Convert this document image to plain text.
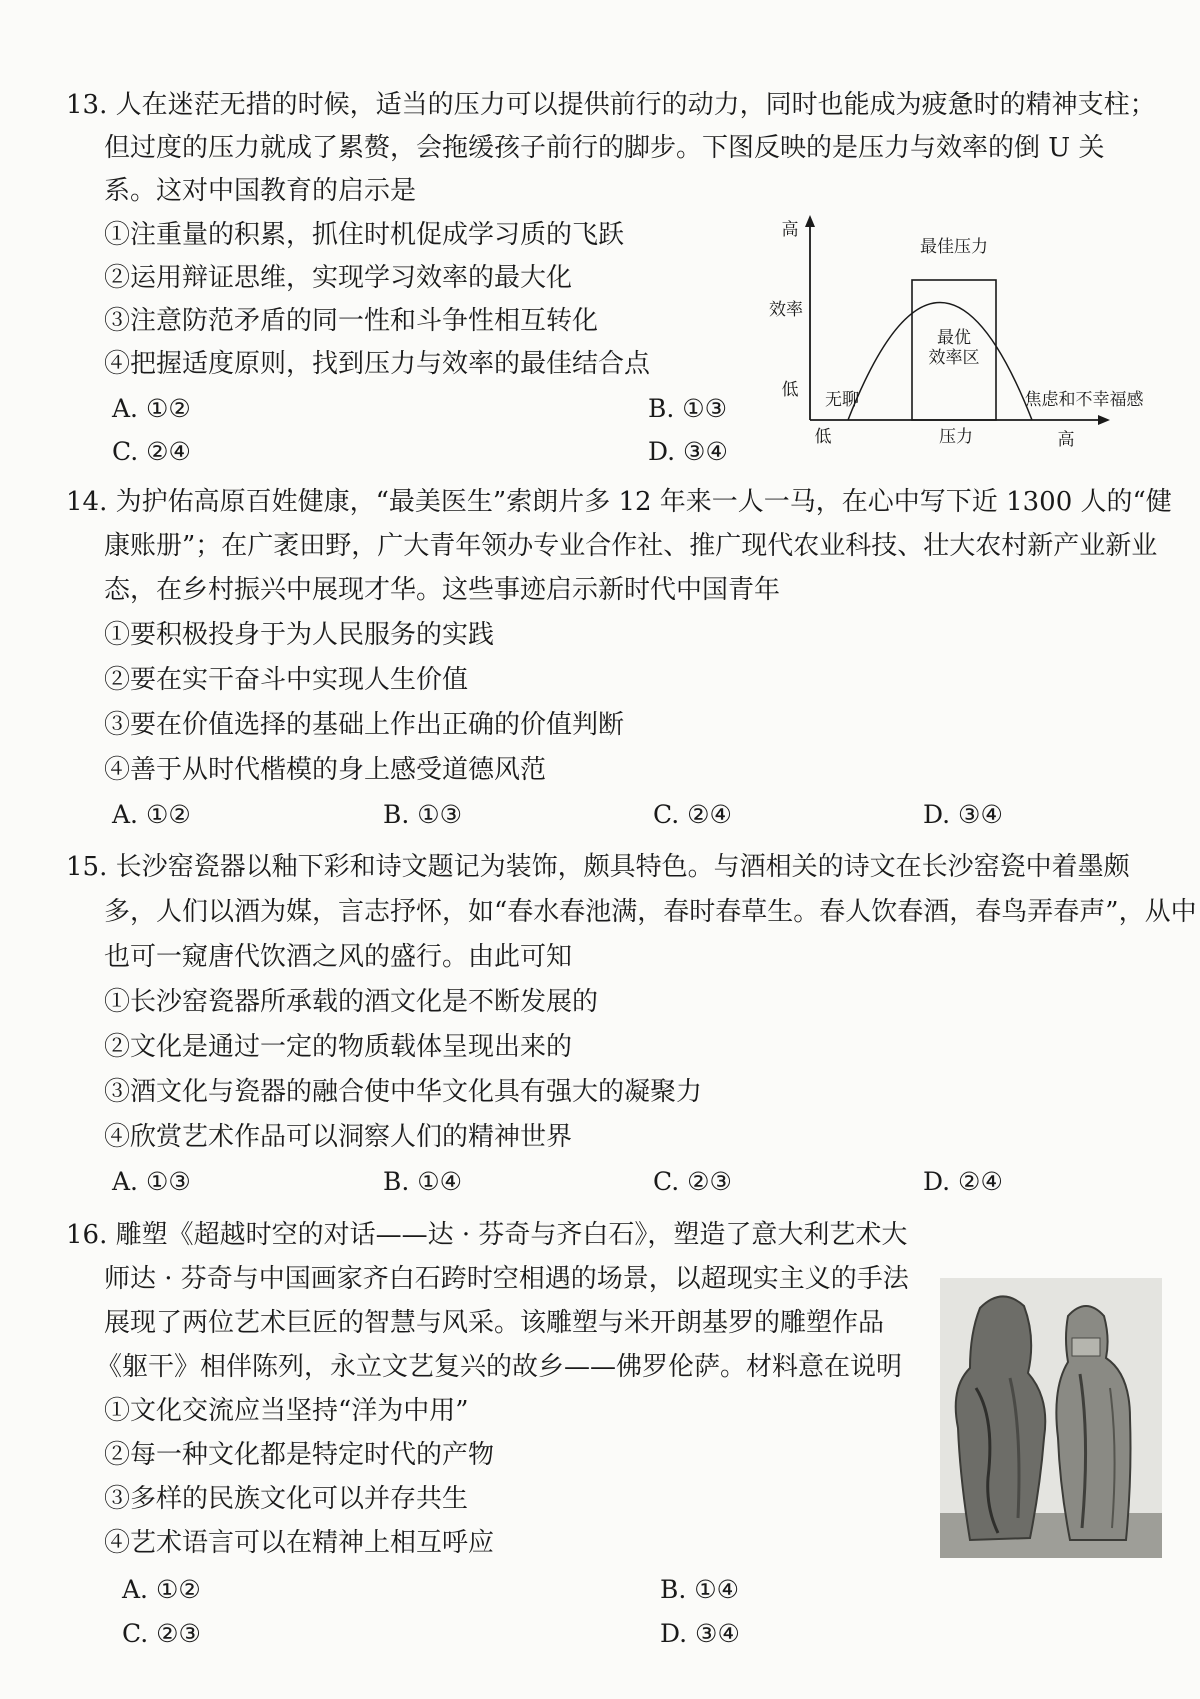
13. 人在迷茫无措的时候，适当的压力可以提供前行的动力，同时也能成为疲惫时的精神支柱；
但过度的压力就成了累赘，会拖缓孩子前行的脚步。下图反映的是压力与效率的倒 U 关
系。这对中国教育的启示是
①注重量的积累，抓住时机促成学习质的飞跃
②运用辩证思维，实现学习效率的最大化
③注意防范矛盾的同一性和斗争性相互转化
④把握适度原则，找到压力与效率的最佳结合点
A. ①②	B. ①③
C. ②④	D. ③④
高
效率
低
低	压力	高
最佳压力
最优
效率区
无聊	焦虑和不幸福感
14. 为护佑高原百姓健康，“最美医生”索朗片多 12 年来一人一马，在心中写下近 1300 人的“健
康账册”；在广袤田野，广大青年领办专业合作社、推广现代农业科技、壮大农村新产业新业
态，在乡村振兴中展现才华。这些事迹启示新时代中国青年
①要积极投身于为人民服务的实践
②要在实干奋斗中实现人生价值
③要在价值选择的基础上作出正确的价值判断
④善于从时代楷模的身上感受道德风范
A. ①②	B. ①③	C. ②④	D. ③④
15. 长沙窑瓷器以釉下彩和诗文题记为装饰，颇具特色。与酒相关的诗文在长沙窑瓷中着墨颇
多，人们以酒为媒，言志抒怀，如“春水春池满，春时春草生。春人饮春酒，春鸟弄春声”，从中
也可一窥唐代饮酒之风的盛行。由此可知
①长沙窑瓷器所承载的酒文化是不断发展的
②文化是通过一定的物质载体呈现出来的
③酒文化与瓷器的融合使中华文化具有强大的凝聚力
④欣赏艺术作品可以洞察人们的精神世界
A. ①③	B. ①④	C. ②③	D. ②④
16. 雕塑《超越时空的对话——达 · 芬奇与齐白石》，塑造了意大利艺术大
师达 · 芬奇与中国画家齐白石跨时空相遇的场景，以超现实主义的手法
展现了两位艺术巨匠的智慧与风采。该雕塑与米开朗基罗的雕塑作品
《躯干》相伴陈列，永立文艺复兴的故乡——佛罗伦萨。材料意在说明
①文化交流应当坚持“洋为中用”
②每一种文化都是特定时代的产物
③多样的民族文化可以并存共生
④艺术语言可以在精神上相互呼应
A. ①②	B. ①④
C. ②③	D. ③④
